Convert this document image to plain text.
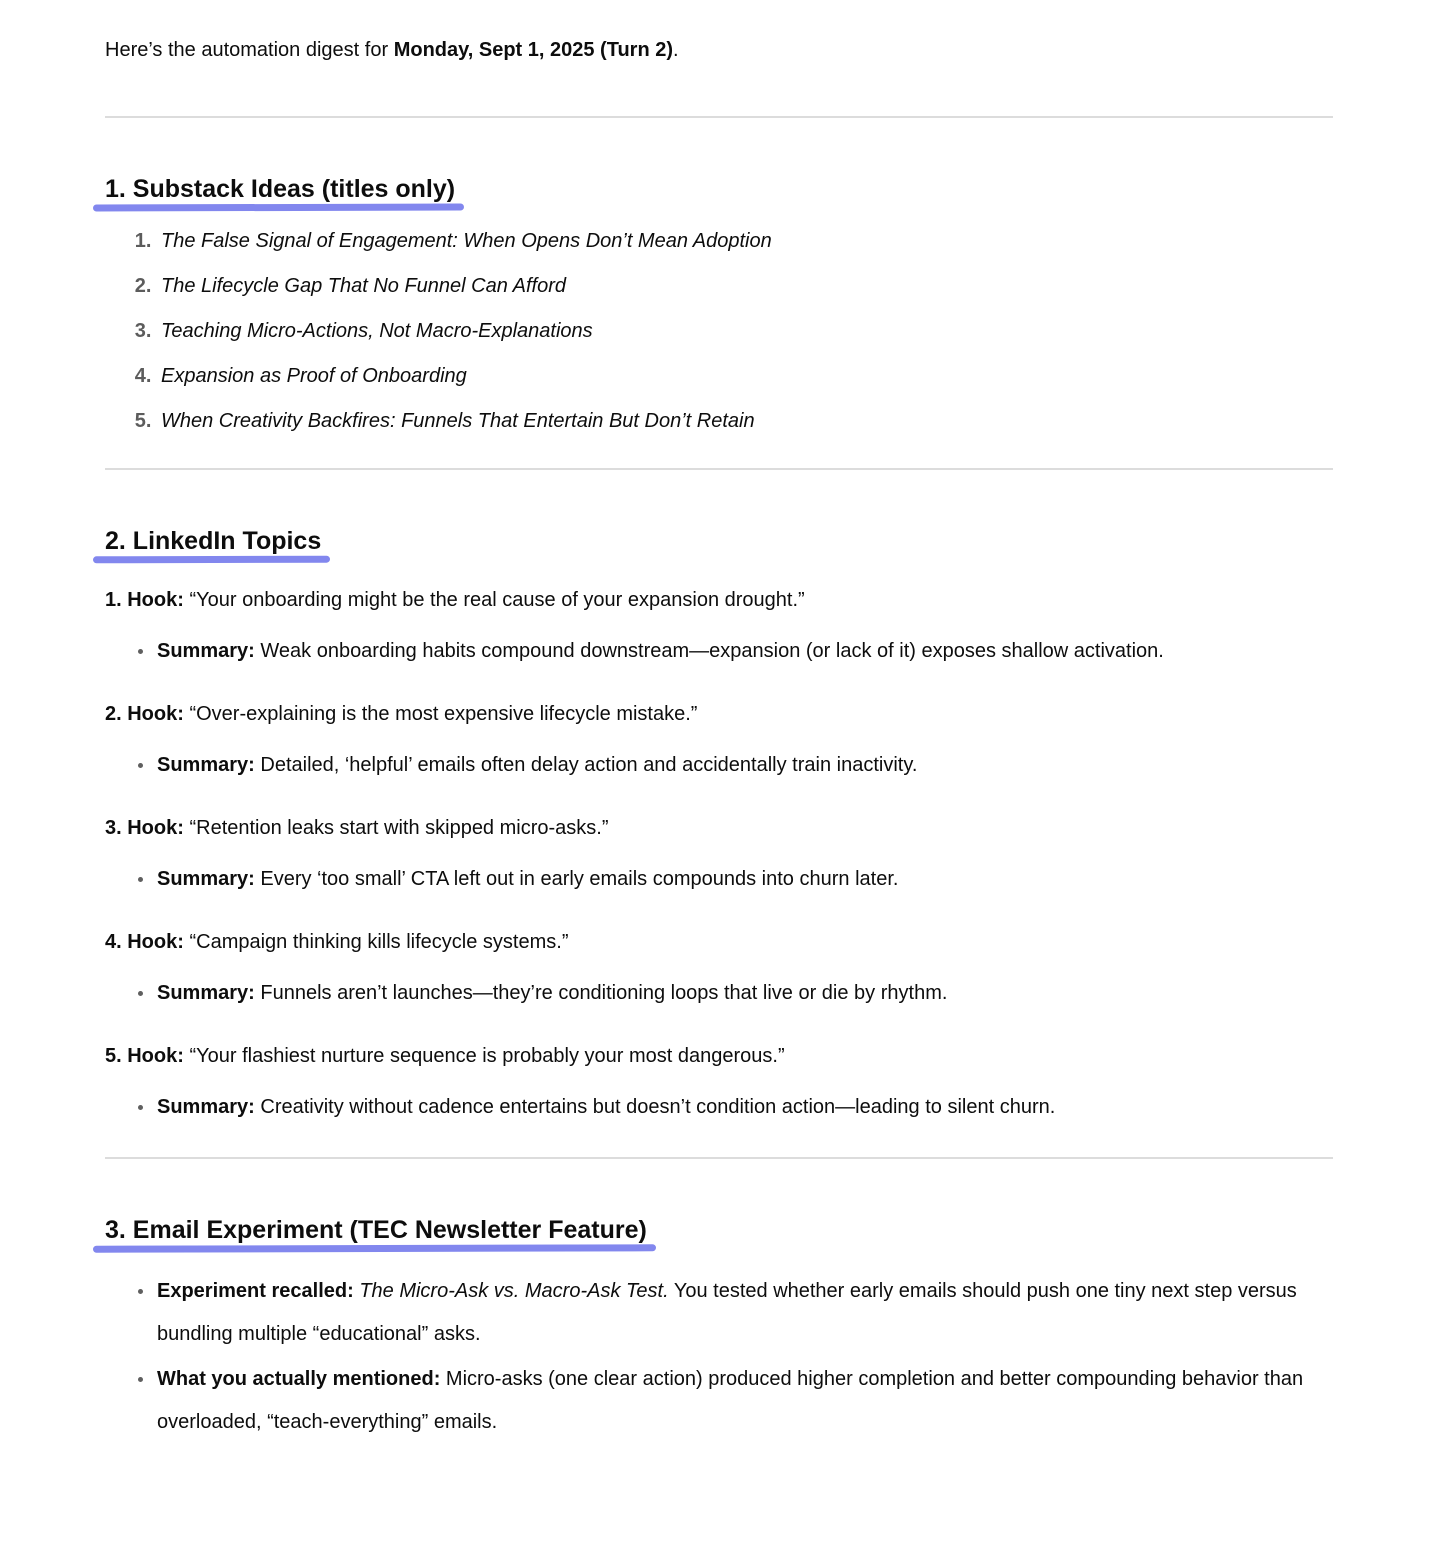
Here’s the automation digest for Monday, Sept 1, 2025 (Turn 2).

1. Substack Ideas (titles only)
1. The False Signal of Engagement: When Opens Don’t Mean Adoption
2. The Lifecycle Gap That No Funnel Can Afford
3. Teaching Micro-Actions, Not Macro-Explanations
4. Expansion as Proof of Onboarding
5. When Creativity Backfires: Funnels That Entertain But Don’t Retain
2. LinkedIn Topics

1. Hook: “Your onboarding might be the real cause of your expansion drought.”

• Summary: Weak onboarding habits compound downstream—expansion (or lack of it) exposes shallow activation.

2. Hook: “Over-explaining is the most expensive lifecycle mistake.”

• Summary: Detailed, ‘helpful’ emails often delay action and accidentally train inactivity.

3. Hook: “Retention leaks start with skipped micro-asks.”

• Summary: Every ‘too small’ CTA left out in early emails compounds into churn later.

4. Hook: “Campaign thinking kills lifecycle systems.”

• Summary: Funnels aren’t launches—they’re conditioning loops that live or die by rhythm.

5. Hook: “Your flashiest nurture sequence is probably your most dangerous.”

• Summary: Creativity without cadence entertains but doesn’t condition action—leading to silent churn.
3. Email Experiment (TEC Newsletter Feature)
• Experiment recalled: The Micro-Ask vs. Macro-Ask Test. You tested whether early emails should push one tiny next step versus bundling multiple “educational” asks.
• What you actually mentioned: Micro-asks (one clear action) produced higher completion and better compounding behavior than overloaded, “teach-everything” emails.
